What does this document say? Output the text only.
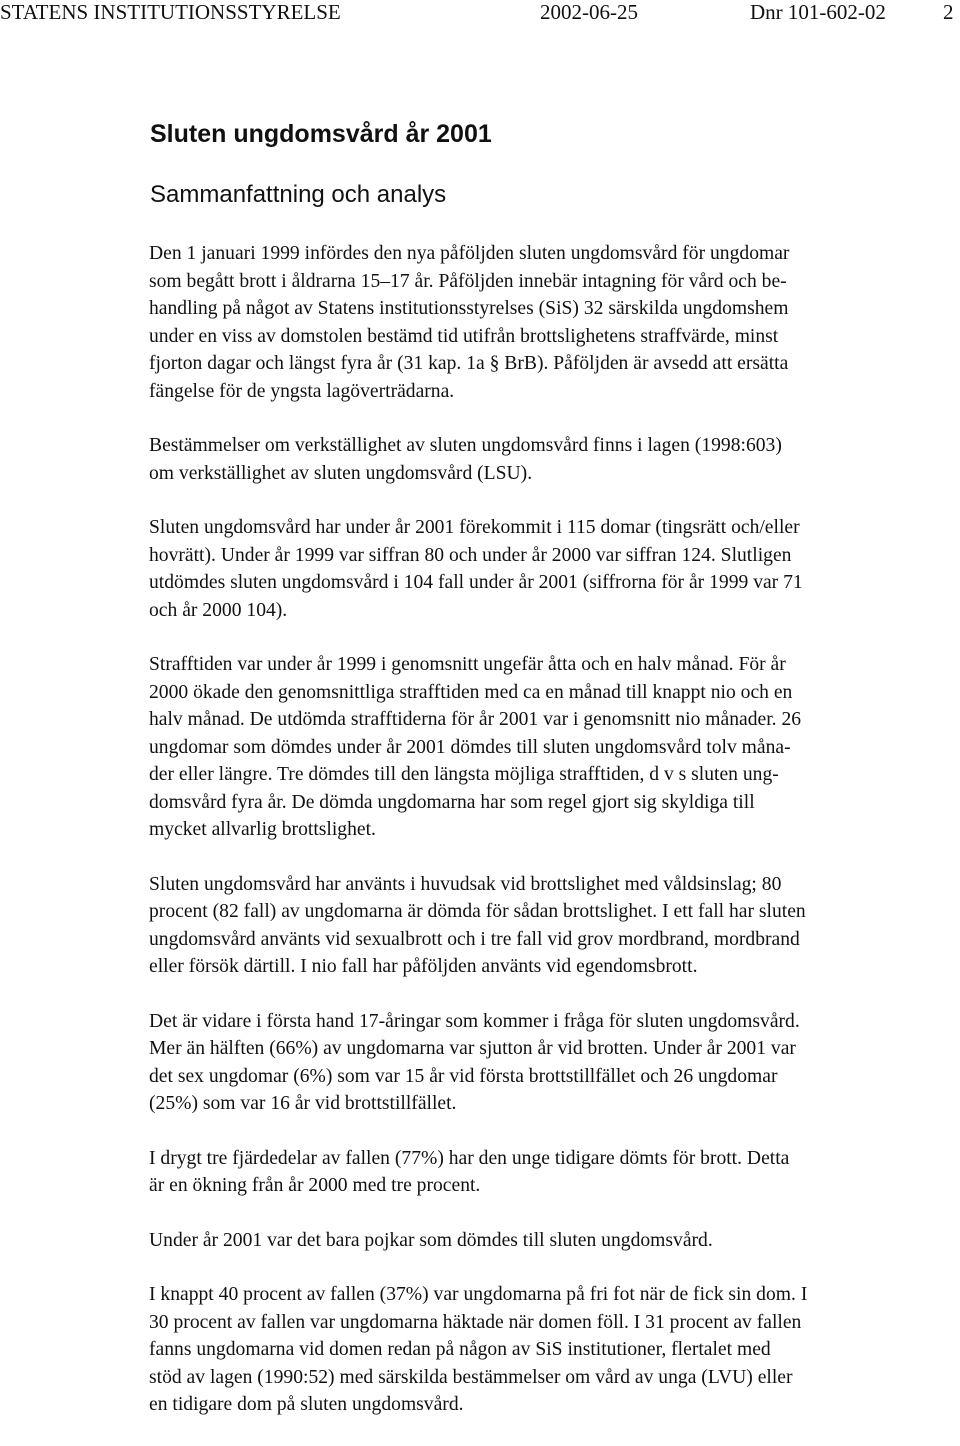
STATENS INSTITUTIONSSTYRELSE	2002-06-25	Dnr 101-602-02	2
Sluten ungdomsvård år 2001
Sammanfattning och analys
Den 1 januari 1999 infördes den nya påföljden sluten ungdomsvård för ungdomar
som begått brott i åldrarna 15–17 år. Påföljden innebär intagning för vård och be-
handling på något av Statens institutionsstyrelses (SiS) 32 särskilda ungdomshem
under en viss av domstolen bestämd tid utifrån brottslighetens straffvärde, minst
fjorton dagar och längst fyra år (31 kap. 1a § BrB). Påföljden är avsedd att ersätta
fängelse för de yngsta lagöverträdarna.
Bestämmelser om verkställighet av sluten ungdomsvård finns i lagen (1998:603)
om verkställighet av sluten ungdomsvård (LSU).
Sluten ungdomsvård har under år 2001 förekommit i 115 domar (tingsrätt och/eller
hovrätt). Under år 1999 var siffran 80 och under år 2000 var siffran 124. Slutligen
utdömdes sluten ungdomsvård i 104 fall under år 2001 (siffrorna för år 1999 var 71
och år 2000 104).
Strafftiden var under år 1999 i genomsnitt ungefär åtta och en halv månad. För år
2000 ökade den genomsnittliga strafftiden med ca en månad till knappt nio och en
halv månad. De utdömda strafftiderna för år 2001 var i genomsnitt nio månader. 26
ungdomar som dömdes under år 2001 dömdes till sluten ungdomsvård tolv måna-
der eller längre. Tre dömdes till den längsta möjliga strafftiden, d v s sluten ung-
domsvård fyra år. De dömda ungdomarna har som regel gjort sig skyldiga till
mycket allvarlig brottslighet.
Sluten ungdomsvård har använts i huvudsak vid brottslighet med våldsinslag; 80
procent (82 fall) av ungdomarna är dömda för sådan brottslighet. I ett fall har sluten
ungdomsvård använts vid sexualbrott och i tre fall vid grov mordbrand, mordbrand
eller försök därtill. I nio fall har påföljden använts vid egendomsbrott.
Det är vidare i första hand 17-åringar som kommer i fråga för sluten ungdomsvård.
Mer än hälften (66%) av ungdomarna var sjutton år vid brotten. Under år 2001 var
det sex ungdomar (6%) som var 15 år vid första brottstillfället och 26 ungdomar
(25%) som var 16 år vid brottstillfället.
I drygt tre fjärdedelar av fallen (77%) har den unge tidigare dömts för brott. Detta
är en ökning från år 2000 med tre procent.
Under år 2001 var det bara pojkar som dömdes till sluten ungdomsvård.
I knappt 40 procent av fallen (37%) var ungdomarna på fri fot när de fick sin dom. I
30 procent av fallen var ungdomarna häktade när domen föll. I 31 procent av fallen
fanns ungdomarna vid domen redan på någon av SiS institutioner, flertalet med
stöd av lagen (1990:52) med särskilda bestämmelser om vård av unga (LVU) eller
en tidigare dom på sluten ungdomsvård.
